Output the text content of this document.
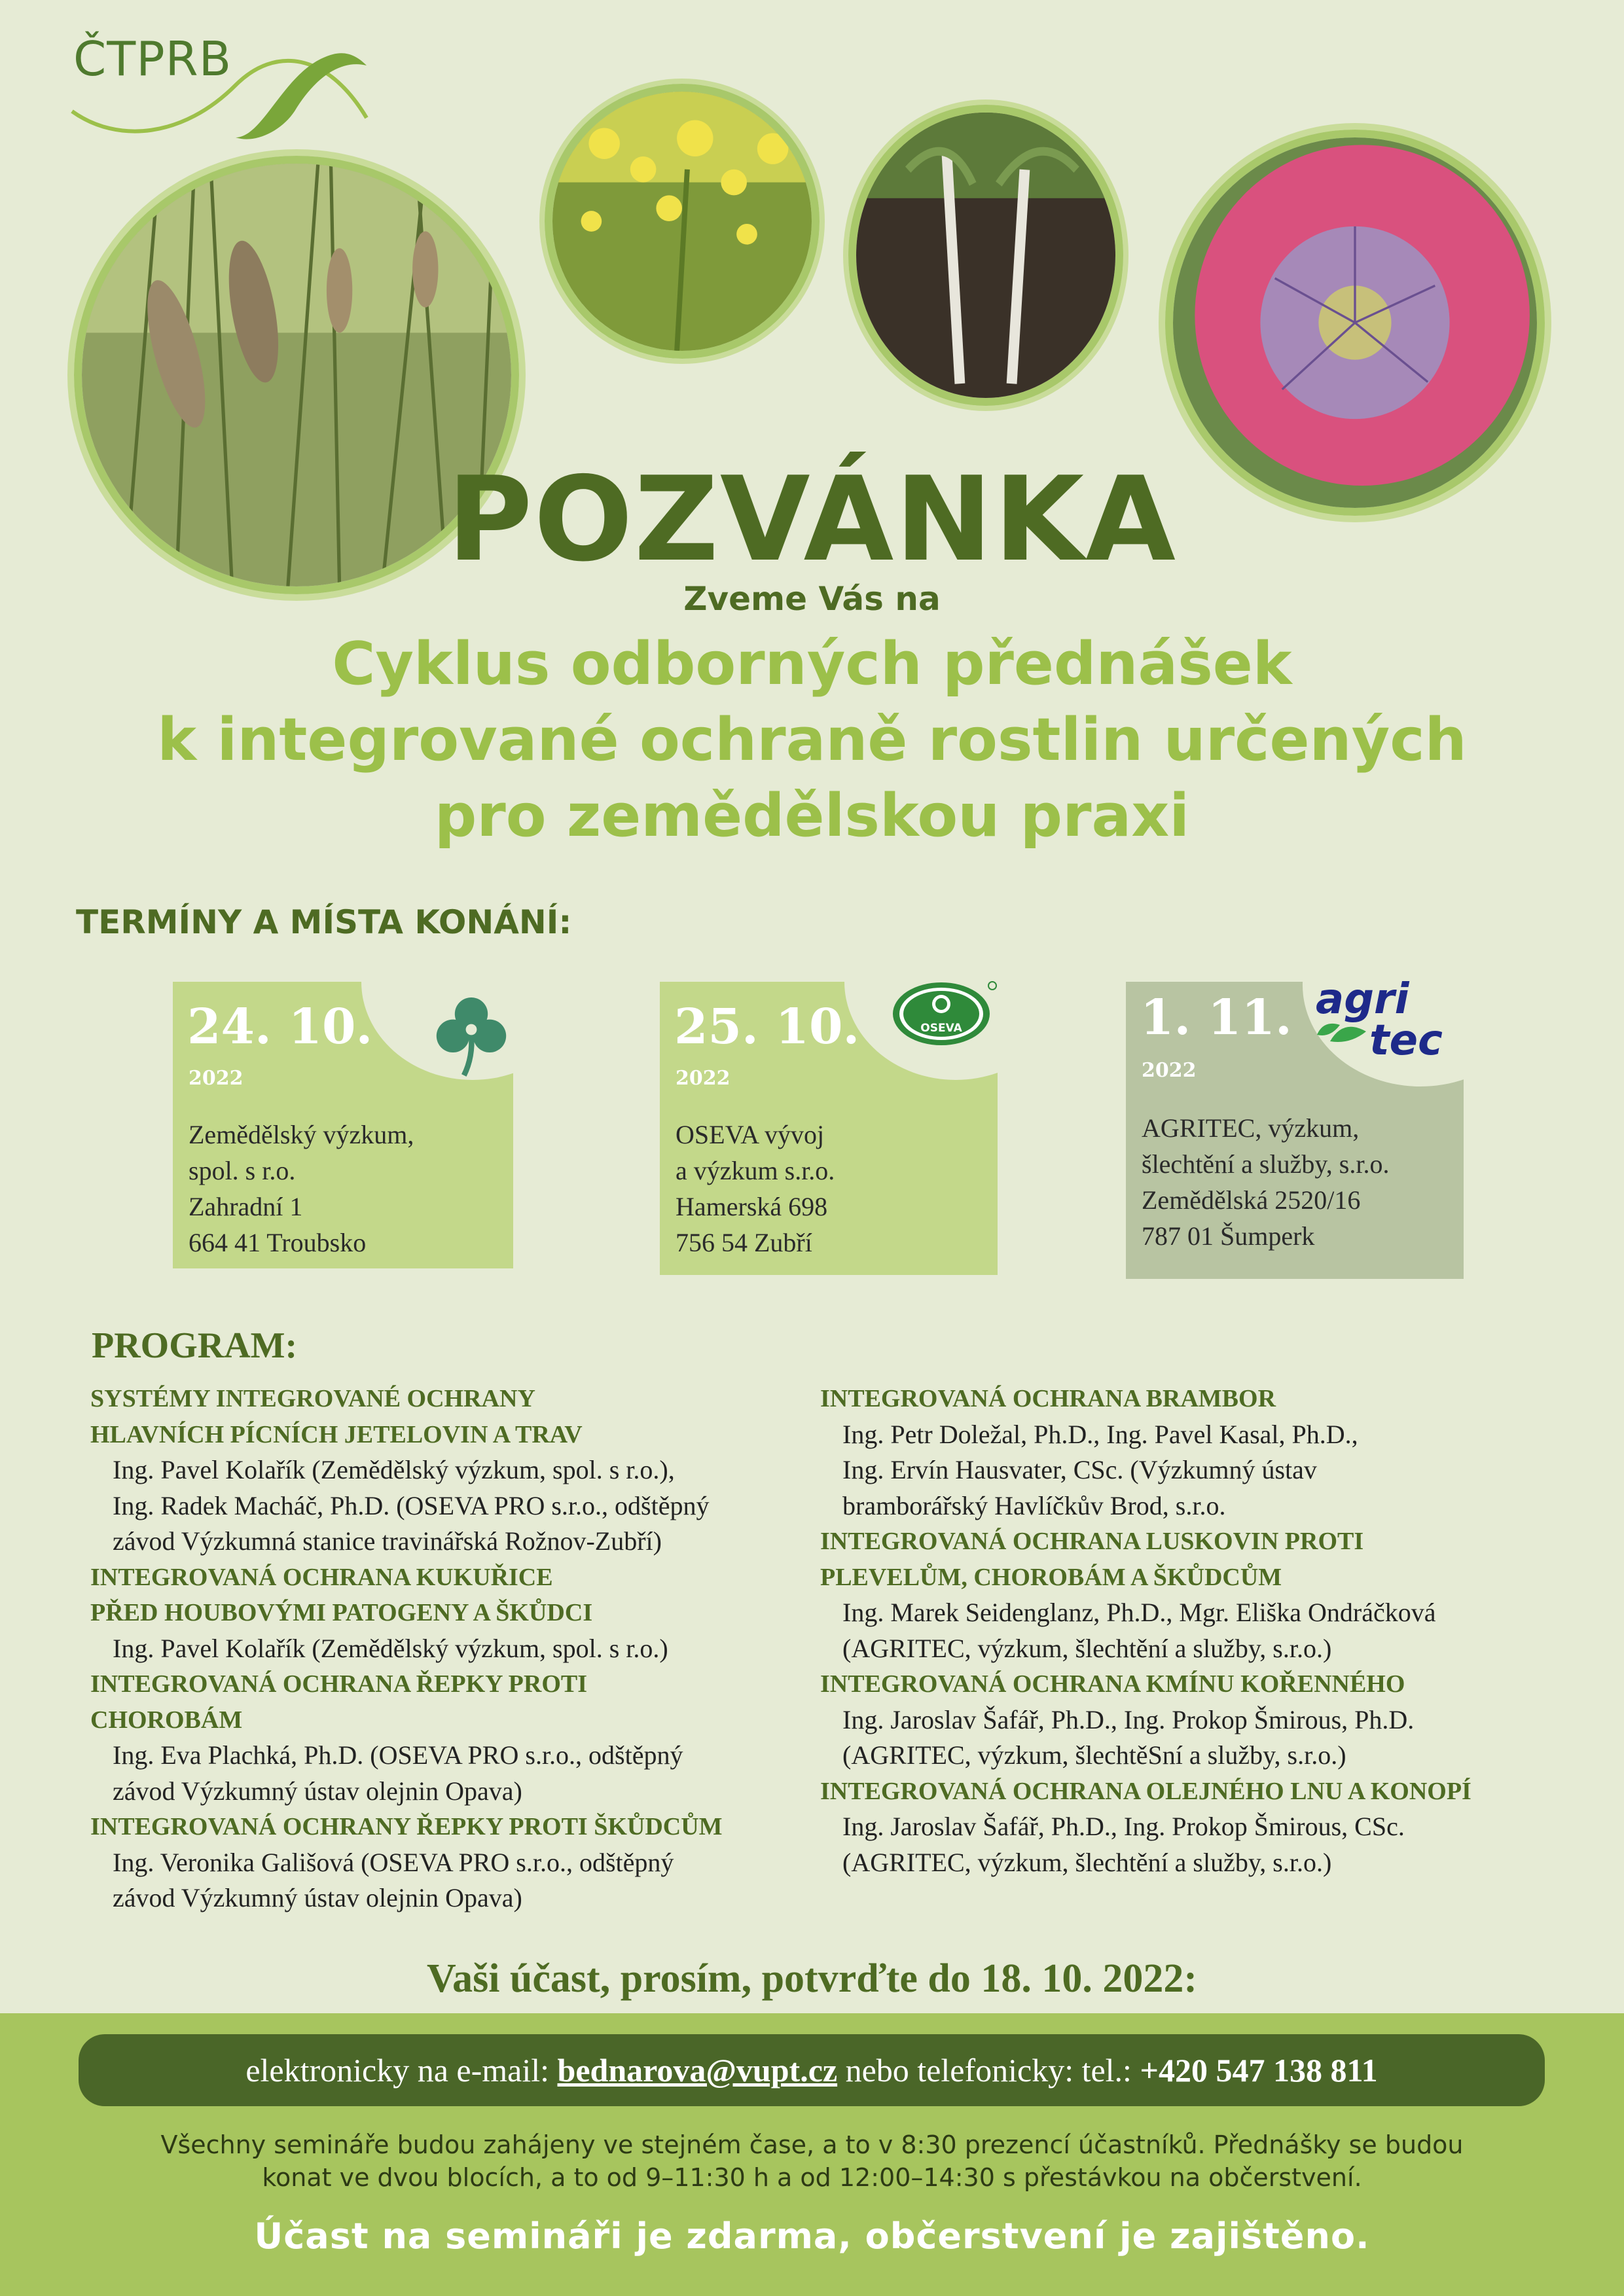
ČTPRB
POZVÁNKA
Zveme Vás na
Cyklus odborných přednášek
k integrované ochraně rostlin určených
pro zemědělskou praxi
TERMÍNY A MÍSTA KONÁNÍ:
24. 10.
2022
Zemědělský výzkum,
spol. s r.o.
Zahradní 1
664 41 Troubsko
25. 10.
2022
OSEVA vývoj
a výzkum s.r.o.
Hamerská 698
756 54 Zubří
1. 11.
2022
AGRITEC, výzkum,
šlechtění a služby, s.r.o.
Zemědělská 2520/16
787 01 Šumperk
OSEVA
agri
tec
PROGRAM:
SYSTÉMY INTEGROVANÉ OCHRANY
HLAVNÍCH PÍCNÍCH JETELOVIN A TRAV
Ing. Pavel Kolařík (Zemědělský výzkum, spol. s r.o.),
Ing. Radek Macháč, Ph.D. (OSEVA PRO s.r.o., odštěpný
závod Výzkumná stanice travinářská Rožnov-Zubří)
INTEGROVANÁ OCHRANA KUKUŘICE
PŘED HOUBOVÝMI PATOGENY A ŠKŮDCI
Ing. Pavel Kolařík (Zemědělský výzkum, spol. s r.o.)
INTEGROVANÁ OCHRANA ŘEPKY PROTI
CHOROBÁM
Ing. Eva Plachká, Ph.D. (OSEVA PRO s.r.o., odštěpný
závod Výzkumný ústav olejnin Opava)
INTEGROVANÁ OCHRANY ŘEPKY PROTI ŠKŮDCŮM
Ing. Veronika Gališová (OSEVA PRO s.r.o., odštěpný
závod Výzkumný ústav olejnin Opava)
INTEGROVANÁ OCHRANA BRAMBOR
Ing. Petr Doležal, Ph.D., Ing. Pavel Kasal, Ph.D.,
Ing. Ervín Hausvater, CSc. (Výzkumný ústav
bramborářský Havlíčkův Brod, s.r.o.
INTEGROVANÁ OCHRANA LUSKOVIN PROTI
PLEVELŮM, CHOROBÁM A ŠKŮDCŮM
Ing. Marek Seidenglanz, Ph.D., Mgr. Eliška Ondráčková
(AGRITEC, výzkum, šlechtění a služby, s.r.o.)
INTEGROVANÁ OCHRANA KMÍNU KOŘENNÉHO
Ing. Jaroslav Šafář, Ph.D., Ing. Prokop Šmirous, Ph.D.
(AGRITEC, výzkum, šlechtěSní a služby, s.r.o.)
INTEGROVANÁ OCHRANA OLEJNÉHO LNU A KONOPÍ
Ing. Jaroslav Šafář, Ph.D., Ing. Prokop Šmirous, CSc.
(AGRITEC, výzkum, šlechtění a služby, s.r.o.)
Vaši účast, prosím, potvrďte do 18. 10. 2022:
elektronicky na e-mail: bednarova@vupt.cz nebo telefonicky: tel.: +420 547 138 811
Všechny semináře budou zahájeny ve stejném čase, a to v 8:30 prezencí účastníků. Přednášky se budou
konat ve dvou blocích, a to od 9–11:30 h a od 12:00–14:30 s přestávkou na občerstvení.
Účast na semináři je zdarma, občerstvení je zajištěno.
